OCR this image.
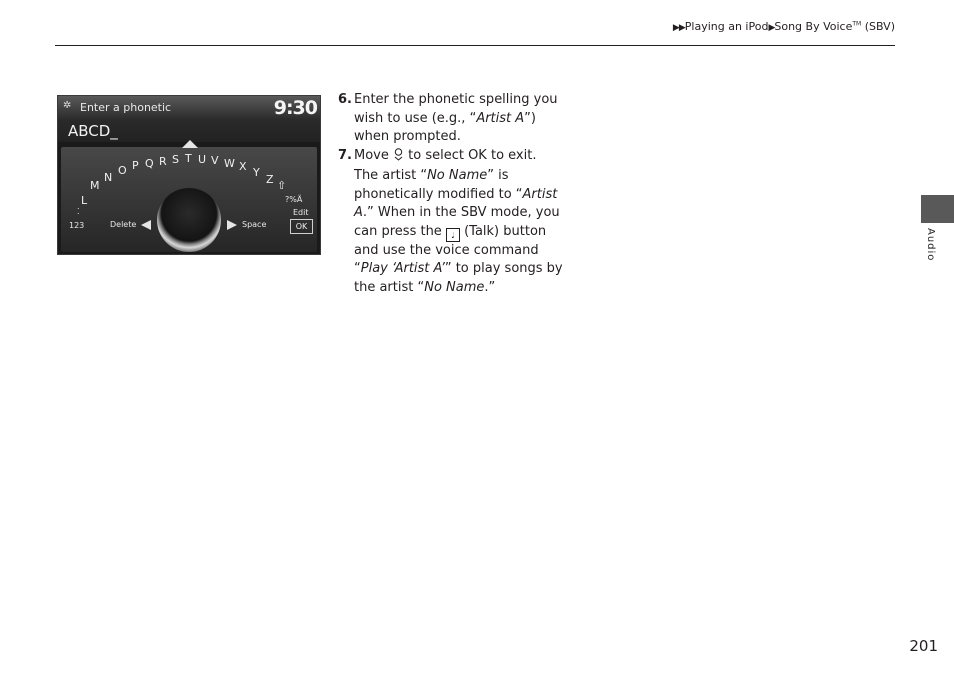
▶▶Playing an iPod▶Song By Voice™ (SBV)
✲ Enter a phonetic	9:30
ABCD_
L
M
N
O P Q R S T U V W X Y
Z ⇧
?%Ä
⁚
123	Delete	Space
Edit
OK
6. Enter the phonetic spelling you wish to use (e.g., “Artist A”) when prompted.
7. Move  to select OK to exit.
The artist “No Name” is phonetically modified to “Artist A.” When in the SBV mode, you can press the 𝅘𝅥 (Talk) button and use the voice command “Play ‘Artist A’” to play songs by the artist “No Name.”
Audio
201
